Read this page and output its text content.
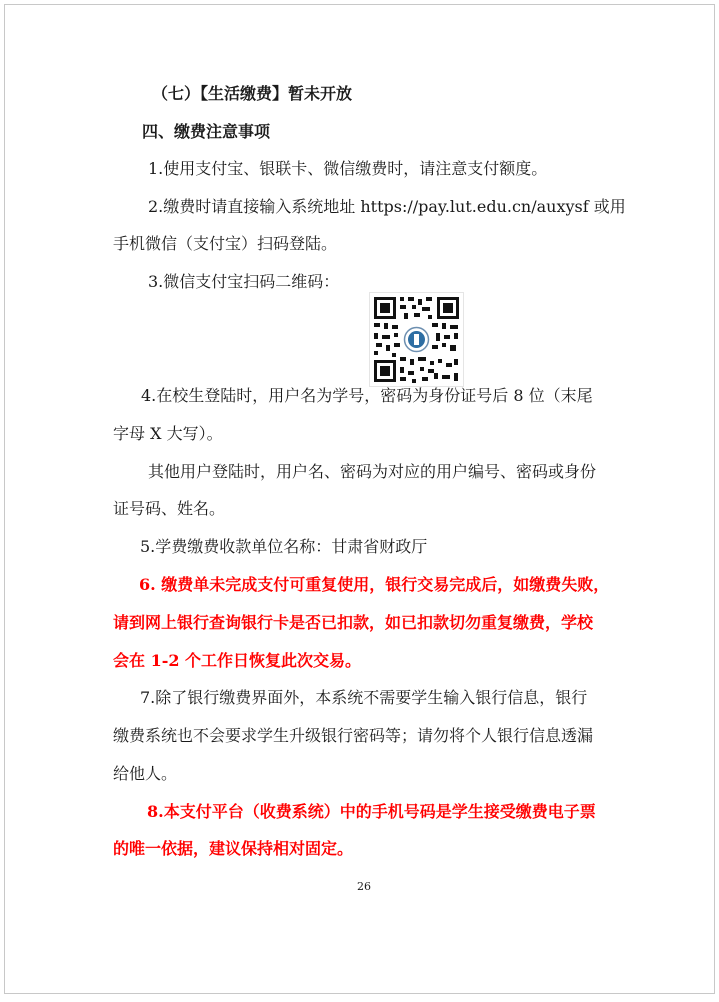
（七）【生活缴费】暂未开放
四、缴费注意事项
1.使用支付宝、银联卡、微信缴费时，请注意支付额度。
2.缴费时请直接输入系统地址 https://pay.lut.edu.cn/auxysf 或用
手机微信（支付宝）扫码登陆。
3.微信支付宝扫码二维码：
4.在校生登陆时，用户名为学号，密码为身份证号后 8 位（末尾
字母 X 大写）。
其他用户登陆时，用户名、密码为对应的用户编号、密码或身份
证号码、姓名。
5.学费缴费收款单位名称：甘肃省财政厅
6. 缴费单未完成支付可重复使用，银行交易完成后，如缴费失败，
请到网上银行查询银行卡是否已扣款，如已扣款切勿重复缴费，学校
会在 1-2 个工作日恢复此次交易。
7.除了银行缴费界面外，本系统不需要学生输入银行信息，银行
缴费系统也不会要求学生升级银行密码等；请勿将个人银行信息透漏
给他人。
8.本支付平台（收费系统）中的手机号码是学生接受缴费电子票
的唯一依据，建议保持相对固定。
26
